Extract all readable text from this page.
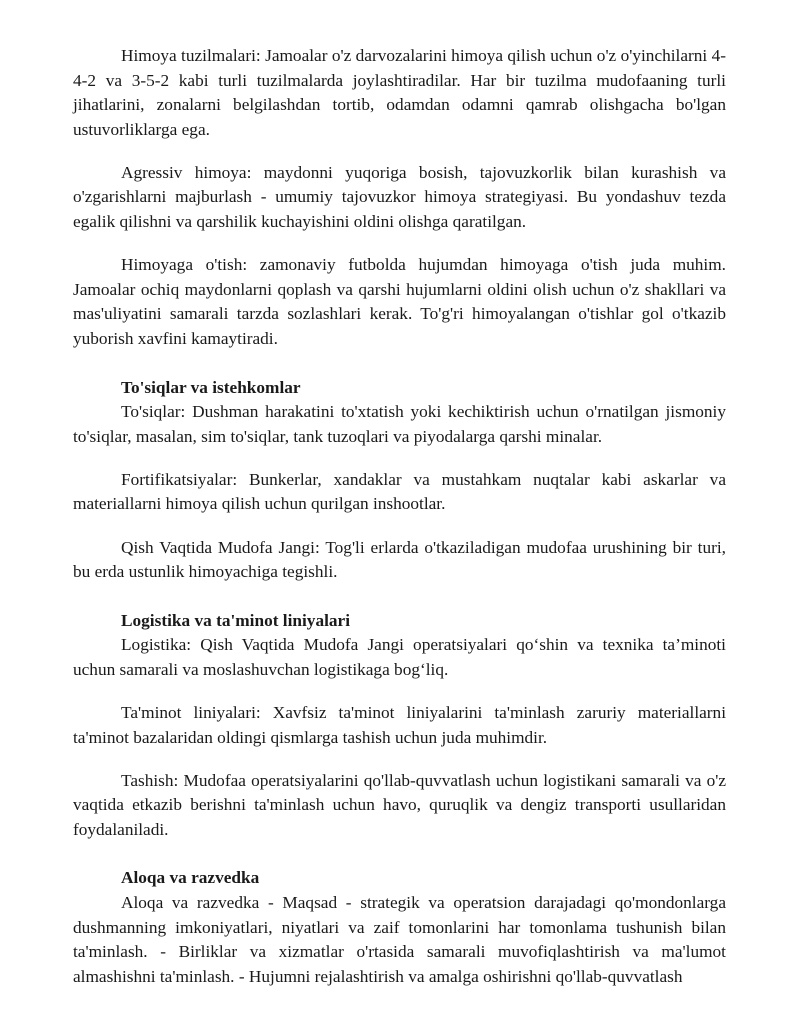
Himoya tuzilmalari: Jamoalar o'z darvozalarini himoya qilish uchun o'z o'yinchilarni 4-4-2 va 3-5-2 kabi turli tuzilmalarda joylashtiradilar. Har bir tuzilma mudofaaning turli jihatlarini, zonalarni belgilashdan tortib, odamdan odamni qamrab olishgacha bo'lgan ustuvorliklarga ega.

Agressiv himoya: maydonni yuqoriga bosish, tajovuzkorlik bilan kurashish va o'zgarishlarni majburlash - umumiy tajovuzkor himoya strategiyasi. Bu yondashuv tezda egalik qilishni va qarshilik kuchayishini oldini olishga qaratilgan.

Himoyaga o'tish: zamonaviy futbolda hujumdan himoyaga o'tish juda muhim. Jamoalar ochiq maydonlarni qoplash va qarshi hujumlarni oldini olish uchun o'z shakllari va mas'uliyatini samarali tarzda sozlashlari kerak. To'g'ri himoyalangan o'tishlar gol o'tkazib yuborish xavfini kamaytiradi.

To'siqlar va istehkomlar

To'siqlar: Dushman harakatini to'xtatish yoki kechiktirish uchun o'rnatilgan jismoniy to'siqlar, masalan, sim to'siqlar, tank tuzoqlari va piyodalarga qarshi minalar.

Fortifikatsiyalar: Bunkerlar, xandaklar va mustahkam nuqtalar kabi askarlar va materiallarni himoya qilish uchun qurilgan inshootlar.

Qish Vaqtida Mudofa Jangi: Tog'li erlarda o'tkaziladigan mudofaa urushining bir turi, bu erda ustunlik himoyachiga tegishli.

Logistika va ta'minot liniyalari

Logistika: Qish Vaqtida Mudofa Jangi operatsiyalari qo‘shin va texnika ta’minoti uchun samarali va moslashuvchan logistikaga bog‘liq.

Ta'minot liniyalari: Xavfsiz ta'minot liniyalarini ta'minlash zaruriy materiallarni ta'minot bazalaridan oldingi qismlarga tashish uchun juda muhimdir.

Tashish: Mudofaa operatsiyalarini qo'llab-quvvatlash uchun logistikani samarali va o'z vaqtida etkazib berishni ta'minlash uchun havo, quruqlik va dengiz transporti usullaridan foydalaniladi.

Aloqa va razvedka

Aloqa va razvedka - Maqsad - strategik va operatsion darajadagi qo'mondonlarga dushmanning imkoniyatlari, niyatlari va zaif tomonlarini har tomonlama tushunish bilan ta'minlash. - Birliklar va xizmatlar o'rtasida samarali muvofiqlashtirish va ma'lumot almashishni ta'minlash. - Hujumni rejalashtirish va amalga oshirishni qo'llab-quvvatlash
